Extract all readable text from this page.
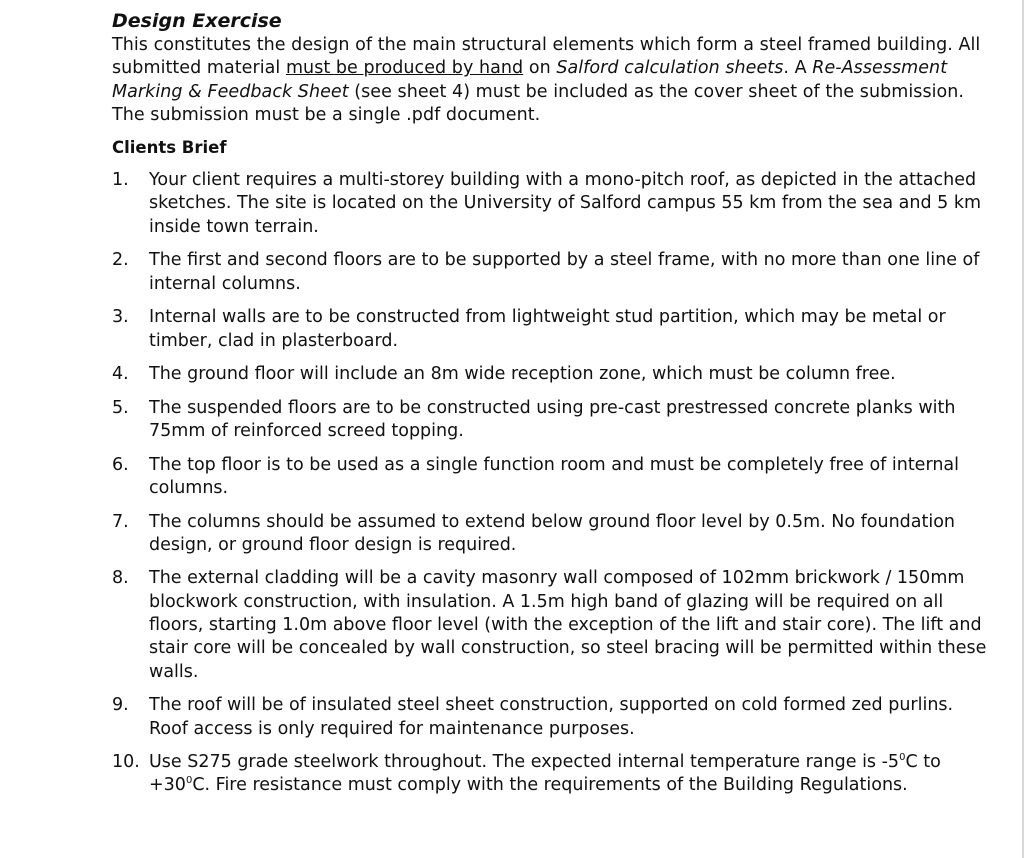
Design Exercise

This constitutes the design of the main structural elements which form a steel framed building. All submitted material must be produced by hand on Salford calculation sheets. A Re-Assessment Marking & Feedback Sheet (see sheet 4) must be included as the cover sheet of the submission. The submission must be a single .pdf document.

Clients Brief
1. Your client requires a multi-storey building with a mono-pitch roof, as depicted in the attached sketches. The site is located on the University of Salford campus 55 km from the sea and 5 km inside town terrain.
2. The first and second floors are to be supported by a steel frame, with no more than one line of internal columns.
3. Internal walls are to be constructed from lightweight stud partition, which may be metal or timber, clad in plasterboard.
4. The ground floor will include an 8m wide reception zone, which must be column free.
5. The suspended floors are to be constructed using pre-cast prestressed concrete planks with 75mm of reinforced screed topping.
6. The top floor is to be used as a single function room and must be completely free of internal columns.
7. The columns should be assumed to extend below ground floor level by 0.5m. No foundation design, or ground floor design is required.
8. The external cladding will be a cavity masonry wall composed of 102mm brickwork / 150mm blockwork construction, with insulation. A 1.5m high band of glazing will be required on all floors, starting 1.0m above floor level (with the exception of the lift and stair core). The lift and stair core will be concealed by wall construction, so steel bracing will be permitted within these walls.
9. The roof will be of insulated steel sheet construction, supported on cold formed zed purlins. Roof access is only required for maintenance purposes.
10. Use S275 grade steelwork throughout. The expected internal temperature range is $-5^0C$ to $+30^0C$. Fire resistance must comply with the requirements of the Building Regulations.
